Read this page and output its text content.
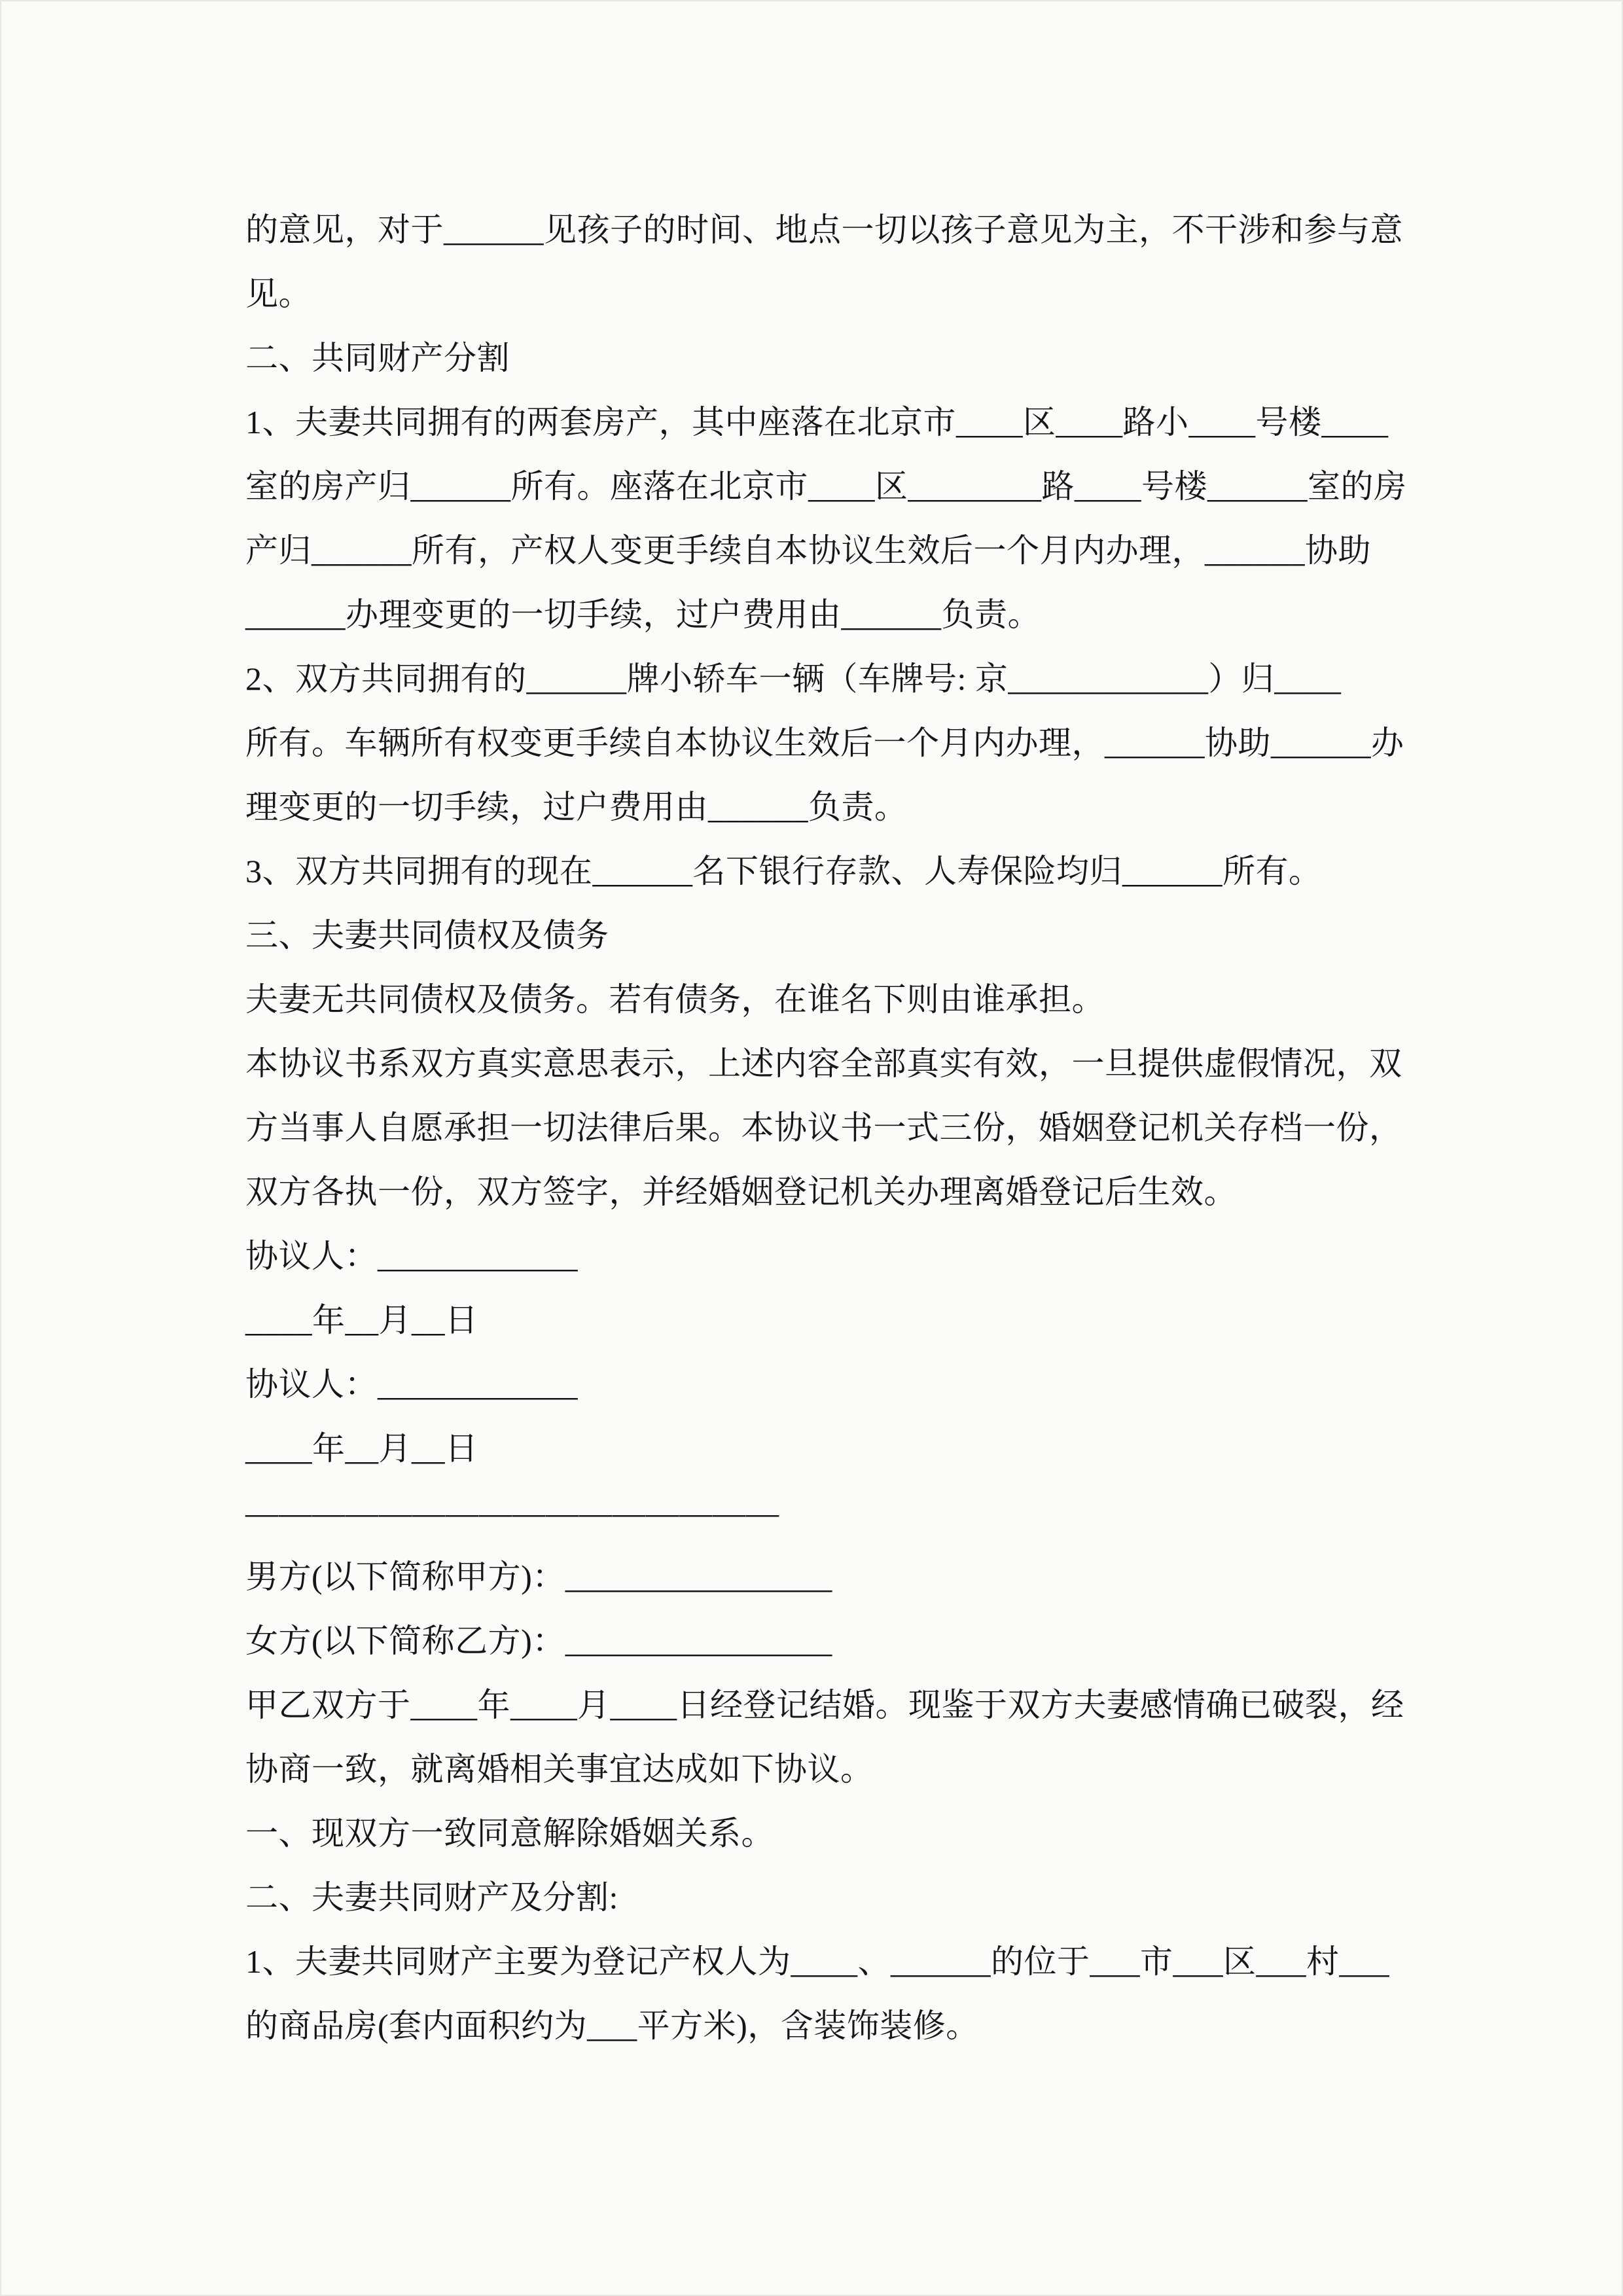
的意见，对于______见孩子的时间、地点一切以孩子意见为主，不干涉和参与意

见。

二、共同财产分割

1、夫妻共同拥有的两套房产，其中座落在北京市____区____路小____号楼____

室的房产归______所有。座落在北京市____区________路____号楼______室的房

产归______所有，产权人变更手续自本协议生效后一个月内办理，______协助

______办理变更的一切手续，过户费用由______负责。

2、双方共同拥有的______牌小轿车一辆（车牌号: 京____________）归____

所有。车辆所有权变更手续自本协议生效后一个月内办理，______协助______办

理变更的一切手续，过户费用由______负责。

3、双方共同拥有的现在______名下银行存款、人寿保险均归______所有。

三、夫妻共同债权及债务

夫妻无共同债权及债务。若有债务，在谁名下则由谁承担。

本协议书系双方真实意思表示，上述内容全部真实有效，一旦提供虚假情况，双

方当事人自愿承担一切法律后果。本协议书一式三份，婚姻登记机关存档一份，

双方各执一份，双方签字，并经婚姻登记机关办理离婚登记后生效。

协议人：____________

____年__月__日

协议人：____________

____年__月__日

————————————————

男方(以下简称甲方)：________________

女方(以下简称乙方)：________________

甲乙双方于____年____月____日经登记结婚。现鉴于双方夫妻感情确已破裂，经

协商一致，就离婚相关事宜达成如下协议。

一、现双方一致同意解除婚姻关系。

二、夫妻共同财产及分割:

1、夫妻共同财产主要为登记产权人为____、______的位于___市___区___村___

的商品房(套内面积约为___平方米)，含装饰装修。
